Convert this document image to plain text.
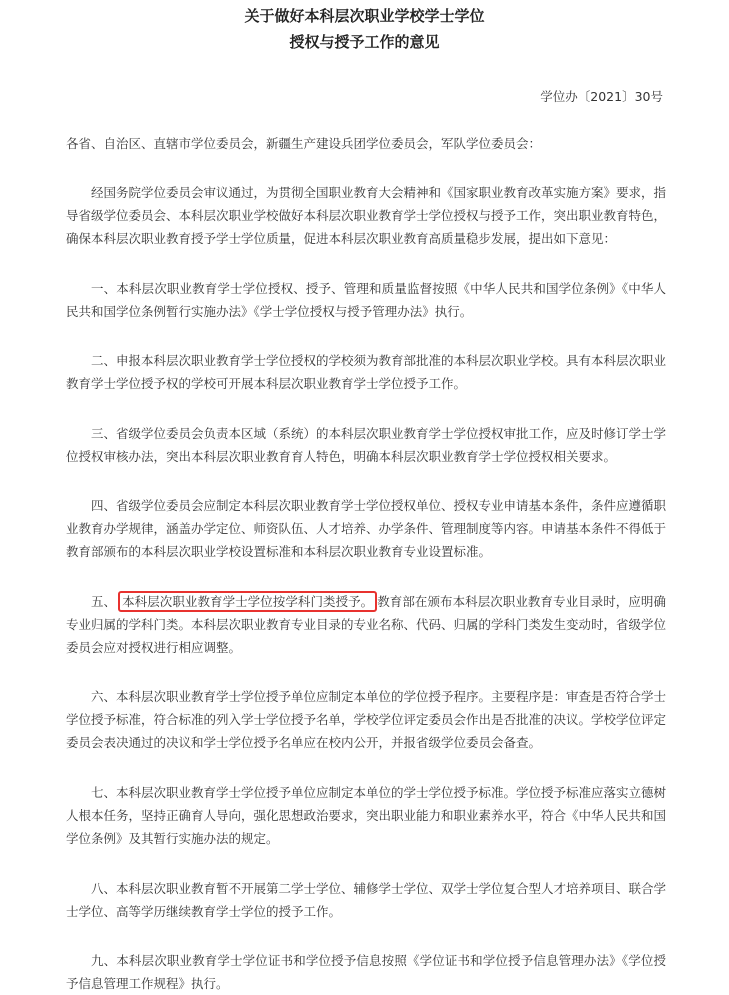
关于做好本科层次职业学校学士学位
授权与授予工作的意见
学位办〔2021〕30号
各省、自治区、直辖市学位委员会，新疆生产建设兵团学位委员会，军队学位委员会：

经国务院学位委员会审议通过，为贯彻全国职业教育大会精神和《国家职业教育改革实施方案》要求，指导省级学位委员会、本科层次职业学校做好本科层次职业教育学士学位授权与授予工作，突出职业教育特色，确保本科层次职业教育授予学士学位质量，促进本科层次职业教育高质量稳步发展，提出如下意见：

一、本科层次职业教育学士学位授权、授予、管理和质量监督按照《中华人民共和国学位条例》《中华人民共和国学位条例暂行实施办法》《学士学位授权与授予管理办法》执行。

二、申报本科层次职业教育学士学位授权的学校须为教育部批准的本科层次职业学校。具有本科层次职业教育学士学位授予权的学校可开展本科层次职业教育学士学位授予工作。

三、省级学位委员会负责本区域（系统）的本科层次职业教育学士学位授权审批工作，应及时修订学士学位授权审核办法，突出本科层次职业教育育人特色，明确本科层次职业教育学士学位授权相关要求。

四、省级学位委员会应制定本科层次职业教育学士学位授权单位、授权专业申请基本条件，条件应遵循职业教育办学规律，涵盖办学定位、师资队伍、人才培养、办学条件、管理制度等内容。申请基本条件不得低于教育部颁布的本科层次职业学校设置标准和本科层次职业教育专业设置标准。

五、 本科层次职业教育学士学位按学科门类授予。 教育部在颁布本科层次职业教育专业目录时，应明确专业归属的学科门类。本科层次职业教育专业目录的专业名称、代码、归属的学科门类发生变动时，省级学位委员会应对授权进行相应调整。

六、本科层次职业教育学士学位授予单位应制定本单位的学位授予程序。主要程序是：审查是否符合学士学位授予标准，符合标准的列入学士学位授予名单，学校学位评定委员会作出是否批准的决议。学校学位评定委员会表决通过的决议和学士学位授予名单应在校内公开，并报省级学位委员会备查。

七、本科层次职业教育学士学位授予单位应制定本单位的学士学位授予标准。学位授予标准应落实立德树人根本任务，坚持正确育人导向，强化思想政治要求，突出职业能力和职业素养水平，符合《中华人民共和国学位条例》及其暂行实施办法的规定。

八、本科层次职业教育暂不开展第二学士学位、辅修学士学位、双学士学位复合型人才培养项目、联合学士学位、高等学历继续教育学士学位的授予工作。

九、本科层次职业教育学士学位证书和学位授予信息按照《学位证书和学位授予信息管理办法》《学位授予信息管理工作规程》执行。
